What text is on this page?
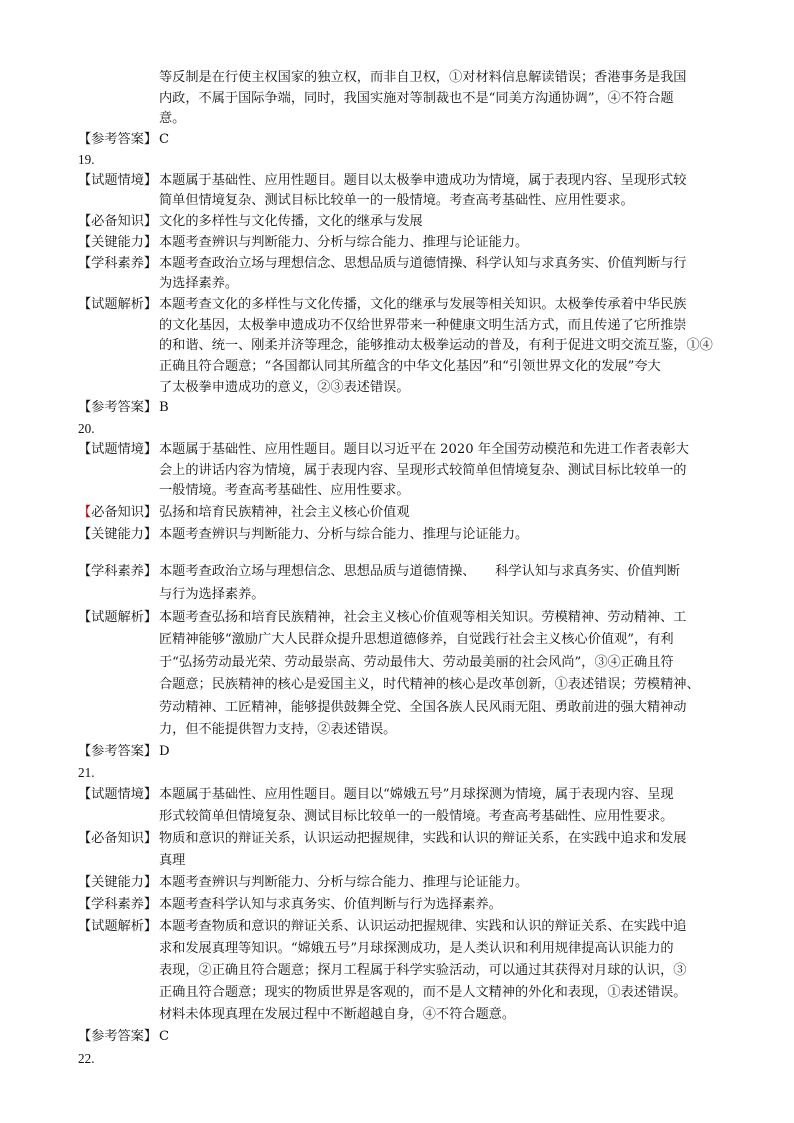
等反制是在行使主权国家的独立权，而非自卫权，①对材料信息解读错误；香港事务是我国
内政，不属于国际争端，同时，我国实施对等制裁也不是“同美方沟通协调”，④不符合题
意。
【参考答案】 C
19.
【试题情境】 本题属于基础性、应用性题目。题目以太极拳申遗成功为情境，属于表现内容、呈现形式较
简单但情境复杂、测试目标比较单一的一般情境。考查高考基础性、应用性要求。
【必备知识】 文化的多样性与文化传播，文化的继承与发展
【关键能力】 本题考查辨识与判断能力、分析与综合能力、推理与论证能力。
【学科素养】 本题考查政治立场与理想信念、思想品质与道德情操、科学认知与求真务实、价值判断与行
为选择素养。
【试题解析】 本题考查文化的多样性与文化传播，文化的继承与发展等相关知识。太极拳传承着中华民族
的文化基因，太极拳申遗成功不仅给世界带来一种健康文明生活方式，而且传递了它所推崇
的和谐、统一、刚柔并济等理念，能够推动太极拳运动的普及，有利于促进文明交流互鉴，①④
正确且符合题意；“各国都认同其所蕴含的中华文化基因”和“引领世界文化的发展”夸大
了太极拳申遗成功的意义，②③表述错误。
【参考答案】 B
20.
【试题情境】 本题属于基础性、应用性题目。题目以习近平在 2020 年全国劳动模范和先进工作者表彰大
会上的讲话内容为情境，属于表现内容、呈现形式较简单但情境复杂、测试目标比较单一的
一般情境。考查高考基础性、应用性要求。
【必备知识】 弘扬和培育民族精神，社会主义核心价值观
【关键能力】 本题考查辨识与判断能力、分析与综合能力、推理与论证能力。
【学科素养】 本题考查政治立场与理想信念、思想品质与道德情操、　　科学认知与求真务实、价值判断
与行为选择素养。
【试题解析】 本题考查弘扬和培育民族精神，社会主义核心价值观等相关知识。劳模精神、劳动精神、工
匠精神能够“激励广大人民群众提升思想道德修养，自觉践行社会主义核心价值观”，有利
于“弘扬劳动最光荣、劳动最崇高、劳动最伟大、劳动最美丽的社会风尚”，③④正确且符
合题意；民族精神的核心是爱国主义，时代精神的核心是改革创新，①表述错误；劳模精神、
劳动精神、工匠精神，能够提供鼓舞全党、全国各族人民风雨无阻、勇敢前进的强大精神动
力，但不能提供智力支持，②表述错误。
【参考答案】 D
21.
【试题情境】 本题属于基础性、应用性题目。题目以“嫦娥五号”月球探测为情境，属于表现内容、呈现
形式较简单但情境复杂、测试目标比较单一的一般情境。考查高考基础性、应用性要求。
【必备知识】 物质和意识的辩证关系，认识运动把握规律，实践和认识的辩证关系，在实践中追求和发展
真理
【关键能力】 本题考查辨识与判断能力、分析与综合能力、推理与论证能力。
【学科素养】 本题考查科学认知与求真务实、价值判断与行为选择素养。
【试题解析】 本题考查物质和意识的辩证关系、认识运动把握规律、实践和认识的辩证关系、在实践中追
求和发展真理等知识。“嫦娥五号”月球探测成功，是人类认识和利用规律提高认识能力的
表现，②正确且符合题意；探月工程属于科学实验活动，可以通过其获得对月球的认识，③
正确且符合题意；现实的物质世界是客观的，而不是人文精神的外化和表现，①表述错误。
材料未体现真理在发展过程中不断超越自身，④不符合题意。
【参考答案】 C
22.
